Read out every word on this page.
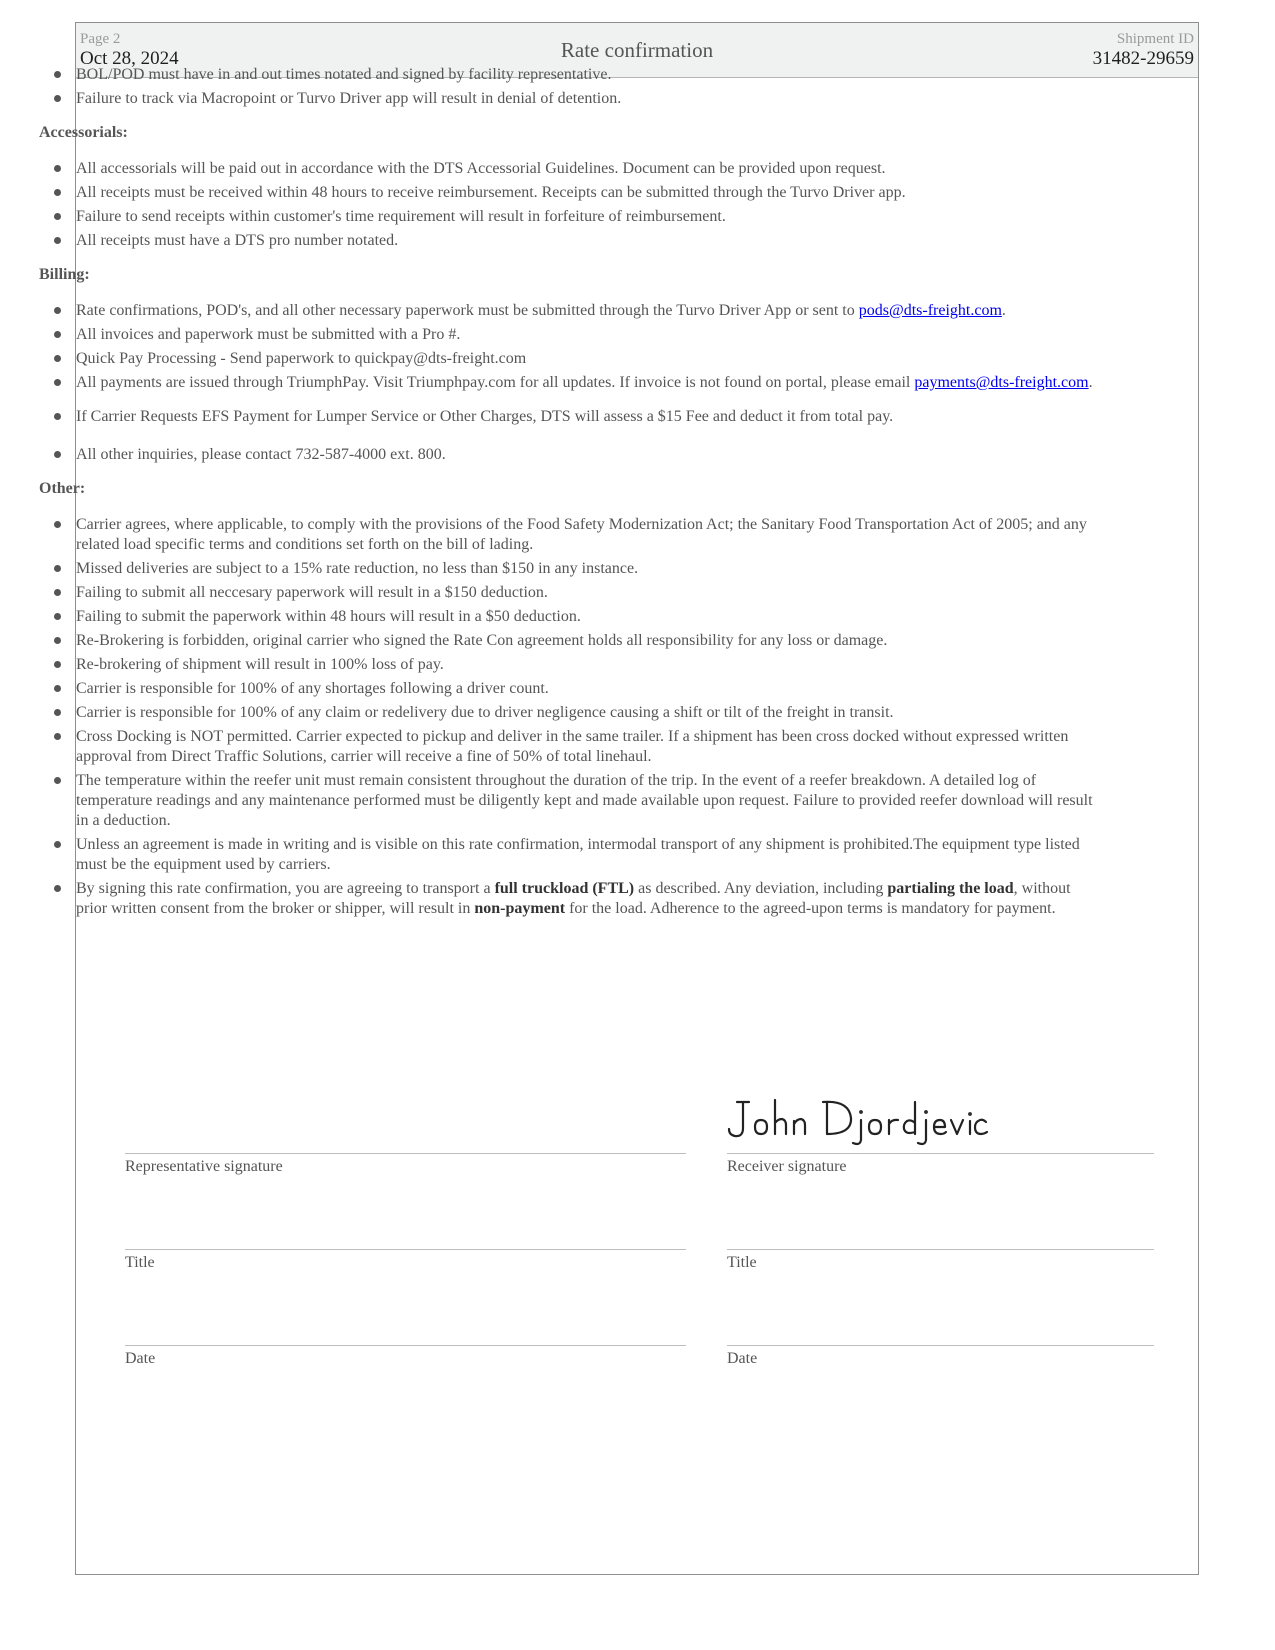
Page 2
Oct 28, 2024	Rate confirmation	Shipment ID
31482-29659
BOL/POD must have in and out times notated and signed by facility representative.
Failure to track via Macropoint or Turvo Driver app will result in denial of detention.
Accessorials:
All accessorials will be paid out in accordance with the DTS Accessorial Guidelines. Document can be provided upon request.
All receipts must be received within 48 hours to receive reimbursement. Receipts can be submitted through the Turvo Driver app.
Failure to send receipts within customer's time requirement will result in forfeiture of reimbursement.
All receipts must have a DTS pro number notated.
Billing:
Rate confirmations, POD's, and all other necessary paperwork must be submitted through the Turvo Driver App or sent to pods@dts-freight.com.
All invoices and paperwork must be submitted with a Pro #.
Quick Pay Processing - Send paperwork to quickpay@dts-freight.com
All payments are issued through TriumphPay. Visit Triumphpay.com for all updates. If invoice is not found on portal, please email payments@dts-freight.com.
If Carrier Requests EFS Payment for Lumper Service or Other Charges, DTS will assess a $15 Fee and deduct it from total pay.
All other inquiries, please contact 732-587-4000 ext. 800.
Other:
Carrier agrees, where applicable, to comply with the provisions of the Food Safety Modernization Act; the Sanitary Food Transportation Act of 2005; and any related load specific terms and conditions set forth on the bill of lading.
Missed deliveries are subject to a 15% rate reduction, no less than $150 in any instance.
Failing to submit all neccesary paperwork will result in a $150 deduction.
Failing to submit the paperwork within 48 hours will result in a $50 deduction.
Re-Brokering is forbidden, original carrier who signed the Rate Con agreement holds all responsibility for any loss or damage.
Re-brokering of shipment will result in 100% loss of pay.
Carrier is responsible for 100% of any shortages following a driver count.
Carrier is responsible for 100% of any claim or redelivery due to driver negligence causing a shift or tilt of the freight in transit.
Cross Docking is NOT permitted. Carrier expected to pickup and deliver in the same trailer. If a shipment has been cross docked without expressed written approval from Direct Traffic Solutions, carrier will receive a fine of 50% of total linehaul.
The temperature within the reefer unit must remain consistent throughout the duration of the trip. In the event of a reefer breakdown. A detailed log of temperature readings and any maintenance performed must be diligently kept and made available upon request. Failure to provided reefer download will result in a deduction.
Unless an agreement is made in writing and is visible on this rate confirmation, intermodal transport of any shipment is prohibited.The equipment type listed must be the equipment used by carriers.
By signing this rate confirmation, you are agreeing to transport a full truckload (FTL) as described. Any deviation, including partialing the load, without prior written consent from the broker or shipper, will result in non-payment for the load. Adherence to the agreed-upon terms is mandatory for payment.
Representative signature	Receiver signature
Title	Title
Date	Date
